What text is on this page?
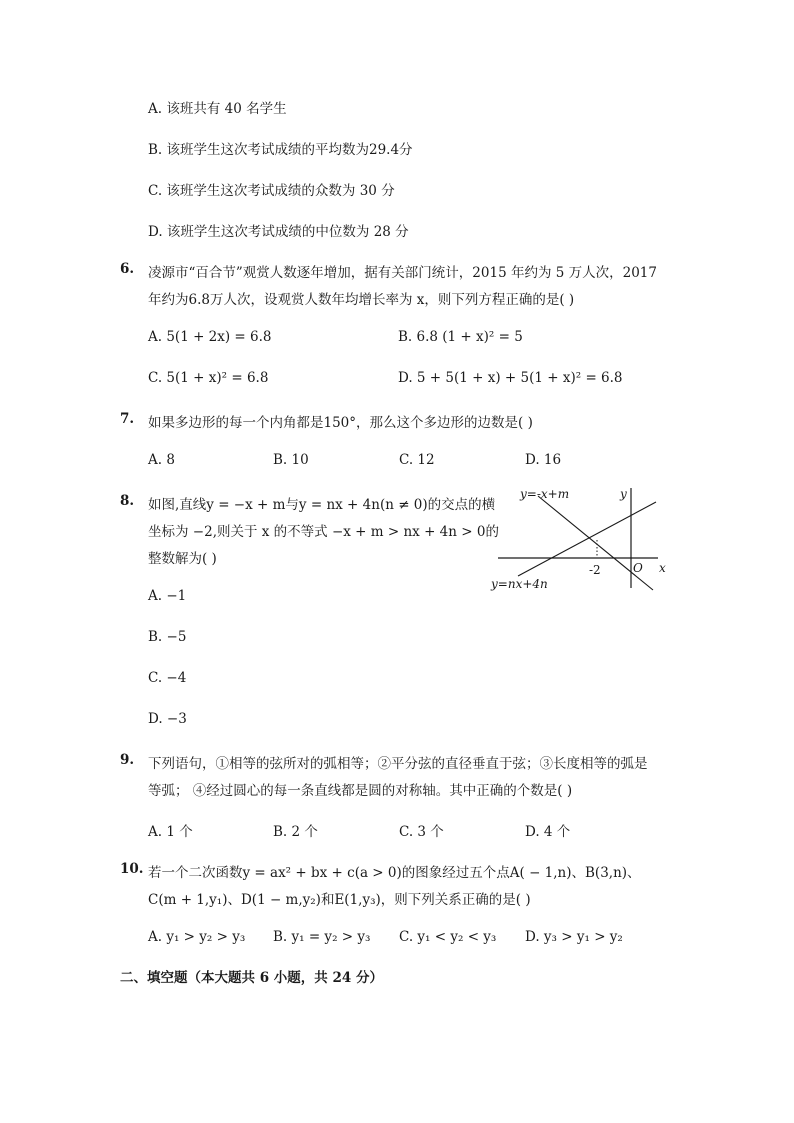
A. 该班共有 40 名学生
B. 该班学生这次考试成绩的平均数为29.4分
C. 该班学生这次考试成绩的众数为 30 分
D. 该班学生这次考试成绩的中位数为 28 分
6. 凌源市“百合节”观赏人数逐年增加，据有关部门统计，2015 年约为 5 万人次，2017
年约为6.8万人次，设观赏人数年均增长率为 x，则下列方程正确的是( )
A. 5(1 + 2x) = 6.8	B. 6.8 (1 + x)² = 5
C. 5(1 + x)² = 6.8	D. 5 + 5(1 + x) + 5(1 + x)² = 6.8
7. 如果多边形的每一个内角都是150°，那么这个多边形的边数是( )
A. 8	B. 10	C. 12	D. 16
8. 如图,直线y = −x + m与y = nx + 4n(n ≠ 0)的交点的横
坐标为 −2,则关于 x 的不等式 −x + m > nx + 4n > 0的
整数解为( )
y=-x+m	y
-2	O x
y=nx+4n
A. −1
B. −5
C. −4
D. −3
9. 下列语句，①相等的弦所对的弧相等；②平分弦的直径垂直于弦；③长度相等的弧是
等弧； ④经过圆心的每一条直线都是圆的对称轴。其中正确的个数是( )
A. 1 个	B. 2 个	C. 3 个	D. 4 个
10. 若一个二次函数y = ax² + bx + c(a > 0)的图象经过五个点A( − 1,n)、B(3,n)、
C(m + 1,y₁)、D(1 − m,y₂)和E(1,y₃)，则下列关系正确的是( )
A. y₁ > y₂ > y₃ B. y₁ = y₂ > y₃ C. y₁ < y₂ < y₃ D. y₃ > y₁ > y₂
二、填空题（本大题共 6 小题，共 24 分）
